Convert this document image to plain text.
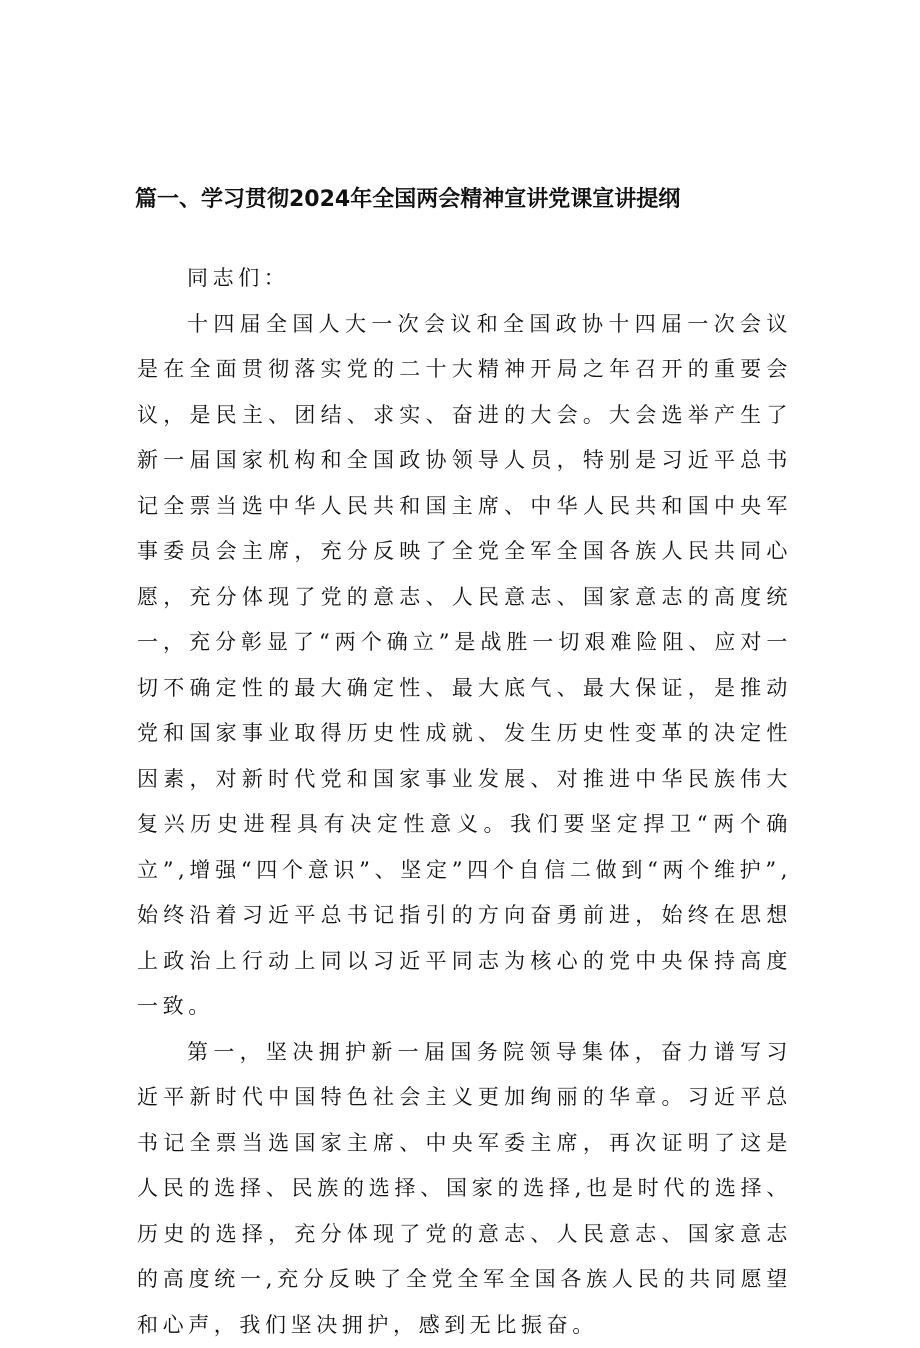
篇一、学习贯彻2024年全国两会精神宣讲党课宣讲提纲

同志们：

十四届全国人大一次会议和全国政协十四届一次会议是在全面贯彻落实党的二十大精神开局之年召开的重要会议，是民主、团结、求实、奋进的大会。大会选举产生了新一届国家机构和全国政协领导人员，特别是习近平总书记全票当选中华人民共和国主席、中华人民共和国中央军事委员会主席，充分反映了全党全军全国各族人民共同心愿，充分体现了党的意志、人民意志、国家意志的高度统一，充分彰显了“两个确立”是战胜一切艰难险阻、应对一切不确定性的最大确定性、最大底气、最大保证，是推动党和国家事业取得历史性成就、发生历史性变革的决定性因素，对新时代党和国家事业发展、对推进中华民族伟大复兴历史进程具有决定性意义。我们要坚定捍卫“两个确立”,增强“四个意识”、坚定”四个自信二做到“两个维护”,始终沿着习近平总书记指引的方向奋勇前进，始终在思想上政治上行动上同以习近平同志为核心的党中央保持高度一致。

第一，坚决拥护新一届国务院领导集体，奋力谱写习近平新时代中国特色社会主义更加绚丽的华章。习近平总书记全票当选国家主席、中央军委主席，再次证明了这是人民的选择、民族的选择、国家的选择,也是时代的选择、历史的选择，充分体现了党的意志、人民意志、国家意志的高度统一,充分反映了全党全军全国各族人民的共同愿望和心声，我们坚决拥护，感到无比振奋。
